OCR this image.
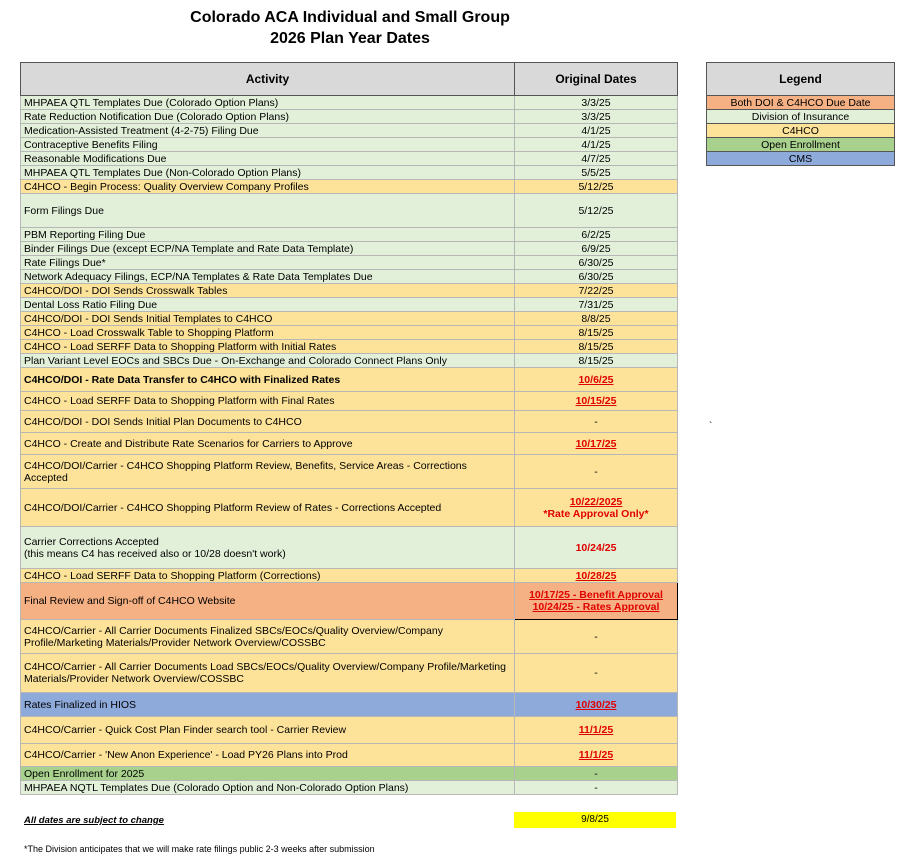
Colorado ACA Individual and Small Group
2026 Plan Year Dates
Activity	Original Dates
MHPAEA QTL Templates Due (Colorado Option Plans)	3/3/25
Rate Reduction Notification Due (Colorado Option Plans)	3/3/25
Medication-Assisted Treatment (4-2-75) Filing Due	4/1/25
Contraceptive Benefits Filing	4/1/25
Reasonable Modifications Due	4/7/25
MHPAEA QTL Templates Due (Non-Colorado Option Plans)	5/5/25
C4HCO - Begin Process: Quality Overview Company Profiles	5/12/25
Form Filings Due	5/12/25
PBM Reporting Filing Due	6/2/25
Binder Filings Due (except ECP/NA Template and Rate Data Template)	6/9/25
Rate Filings Due*	6/30/25
Network Adequacy Filings, ECP/NA Templates & Rate Data Templates Due	6/30/25
C4HCO/DOI - DOI Sends Crosswalk Tables	7/22/25
Dental Loss Ratio Filing Due	7/31/25
C4HCO/DOI - DOI Sends Initial Templates to C4HCO	8/8/25
C4HCO - Load Crosswalk Table to Shopping Platform	8/15/25
C4HCO - Load SERFF Data to Shopping Platform with Initial Rates	8/15/25
Plan Variant Level EOCs and SBCs Due - On-Exchange and Colorado Connect Plans Only	8/15/25
C4HCO/DOI - Rate Data Transfer to C4HCO with Finalized Rates	10/6/25
C4HCO - Load SERFF Data to Shopping Platform with Final Rates	10/15/25
C4HCO/DOI - DOI Sends Initial Plan Documents to C4HCO	-
C4HCO - Create and Distribute Rate Scenarios for Carriers to Approve	10/17/25
C4HCO/DOI/Carrier - C4HCO Shopping Platform Review, Benefits, Service Areas - Corrections Accepted	-
C4HCO/DOI/Carrier - C4HCO Shopping Platform Review of Rates - Corrections Accepted	10/22/2025
*Rate Approval Only*

Carrier Corrections Accepted
(this means C4 has received also or 10/28 doesn't work)	10/24/25
C4HCO - Load SERFF Data to Shopping Platform (Corrections)	10/28/25
Final Review and Sign-off of C4HCO Website	10/17/25 - Benefit Approval
10/24/25 - Rates Approval

C4HCO/Carrier - All Carrier Documents Finalized SBCs/EOCs/Quality Overview/Company Profile/Marketing Materials/Provider Network Overview/COSSBC	-
C4HCO/Carrier - All Carrier Documents Load SBCs/EOCs/Quality Overview/Company Profile/Marketing Materials/Provider Network Overview/COSSBC	-
Rates Finalized in HIOS	10/30/25
C4HCO/Carrier - Quick Cost Plan Finder search tool - Carrier Review	11/1/25
C4HCO/Carrier - 'New Anon Experience' - Load PY26 Plans into Prod	11/1/25
Open Enrollment for 2025	-
MHPAEA NQTL Templates Due (Colorado Option and Non-Colorado Option Plans)	-
Legend
Both DOI & C4HCO Due Date
Division of Insurance
C4HCO
Open Enrollment
CMS
`
All dates are subject to change	9/8/25
*The Division anticipates that we will make rate filings public 2-3 weeks after submission
